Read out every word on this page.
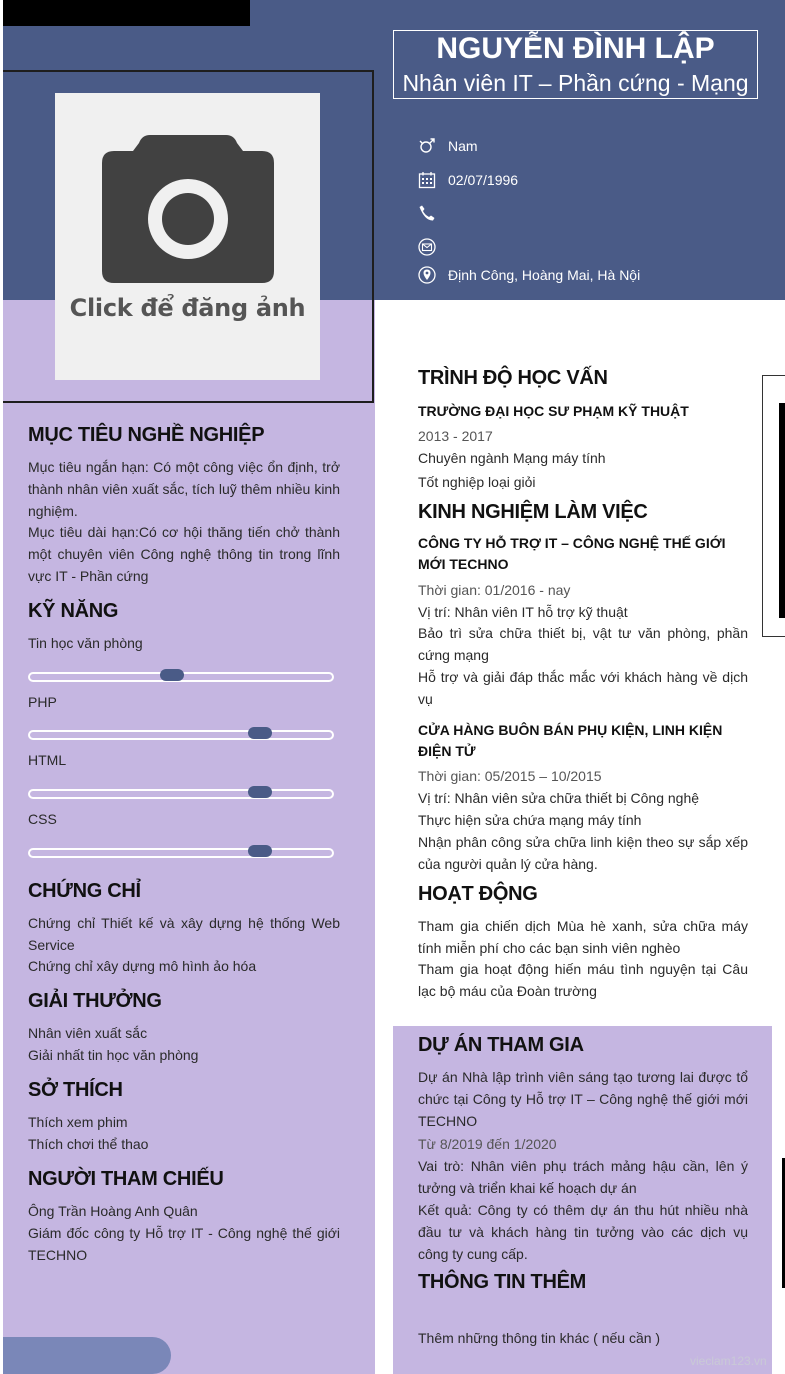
Click để đăng ảnh
NGUYỄN ĐÌNH LẬP
Nhân viên IT – Phần cứng - Mạng
Nam
02/07/1996
Định Công, Hoàng Mai, Hà Nội
MỤC TIÊU NGHỀ NGHIỆP
Mục tiêu ngắn hạn: Có một công việc ổn định, trở thành nhân viên xuất sắc, tích luỹ thêm nhiều kinh nghiệm.
Mục tiêu dài hạn:Có cơ hội thăng tiến chở thành một chuyên viên Công nghệ thông tin trong lĩnh vực IT - Phần cứng
KỸ NĂNG
Tin học văn phòng
PHP
HTML
CSS
CHỨNG CHỈ
Chứng chỉ Thiết kế và xây dựng hệ thống Web Service
Chứng chỉ xây dựng mô hình ảo hóa
GIẢI THƯỞNG
Nhân viên xuất sắc
Giải nhất tin học văn phòng
SỞ THÍCH
Thích xem phim
Thích chơi thể thao
NGƯỜI THAM CHIẾU
Ông Trần Hoàng Anh Quân
Giám đốc công ty Hỗ trợ IT - Công nghệ thế giới TECHNO
TRÌNH ĐỘ HỌC VẤN
TRƯỜNG ĐẠI HỌC SƯ PHẠM KỸ THUẬT
2013 - 2017
Chuyên ngành Mạng máy tính
Tốt nghiệp loại giỏi
KINH NGHIỆM LÀM VIỆC
CÔNG TY HỖ TRỢ IT – CÔNG NGHỆ THẾ GIỚI MỚI TECHNO
Thời gian: 01/2016 - nay
Vị trí: Nhân viên IT hỗ trợ kỹ thuật
Bảo trì sửa chữa thiết bị, vật tư văn phòng, phần cứng mạng
Hỗ trợ và giải đáp thắc mắc với khách hàng về dịch vụ
CỬA HÀNG BUÔN BÁN PHỤ KIỆN, LINH KIỆN ĐIỆN TỬ
Thời gian: 05/2015 – 10/2015
Vị trí: Nhân viên sửa chữa thiết bị Công nghệ
Thực hiện sửa chứa mạng máy tính
Nhận phân công sửa chữa linh kiện theo sự sắp xếp của người quản lý cửa hàng.
HOẠT ĐỘNG
Tham gia chiến dịch Mùa hè xanh, sửa chữa máy tính miễn phí cho các bạn sinh viên nghèo
Tham gia hoạt động hiến máu tình nguyện tại Câu lạc bộ máu của Đoàn trường
DỰ ÁN THAM GIA
Dự án Nhà lập trình viên sáng tạo tương lai được tổ chức tại Công ty Hỗ trợ IT – Công nghệ thế giới mới TECHNO
Từ 8/2019 đến 1/2020
Vai trò: Nhân viên phụ trách mảng hậu cần, lên ý tưởng và triển khai kế hoạch dự án
Kết quả: Công ty có thêm dự án thu hút nhiều nhà đầu tư và khách hàng tin tưởng vào các dịch vụ công ty cung cấp.
THÔNG TIN THÊM
Thêm những thông tin khác ( nếu cần )
vieclam123.vn
